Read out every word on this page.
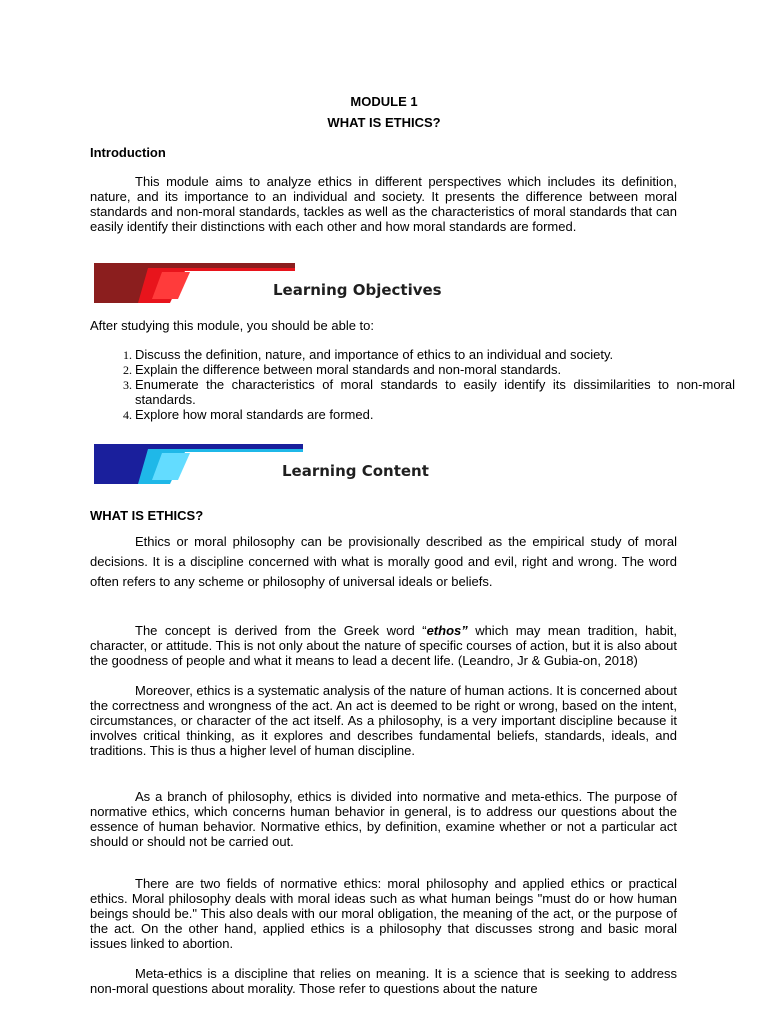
MODULE 1
WHAT IS ETHICS?
Introduction

This module aims to analyze ethics in different perspectives which includes its definition, nature, and its importance to an individual and society. It presents the difference between moral standards and non-moral standards, tackles as well as the characteristics of moral standards that can easily identify their distinctions with each other and how moral standards are formed.

Learning Objectives
After studying this module, you should be able to:
1. Discuss the definition, nature, and importance of ethics to an individual and society.
2. Explain the difference between moral standards and non-moral standards.
3. Enumerate the characteristics of moral standards to easily identify its dissimilarities to non-moral standards.
4. Explore how moral standards are formed.
Learning Content
WHAT IS ETHICS?

Ethics or moral philosophy can be provisionally described as the empirical study of moral decisions. It is a discipline concerned with what is morally good and evil, right and wrong. The word often refers to any scheme or philosophy of universal ideals or beliefs.

The concept is derived from the Greek word “ethos” which may mean tradition, habit, character, or attitude. This is not only about the nature of specific courses of action, but it is also about the goodness of people and what it means to lead a decent life. (Leandro, Jr & Gubia-on, 2018)

Moreover, ethics is a systematic analysis of the nature of human actions. It is concerned about the correctness and wrongness of the act. An act is deemed to be right or wrong, based on the intent, circumstances, or character of the act itself. As a philosophy, is a very important discipline because it involves critical thinking, as it explores and describes fundamental beliefs, standards, ideals, and traditions. This is thus a higher level of human discipline.

As a branch of philosophy, ethics is divided into normative and meta-ethics. The purpose of normative ethics, which concerns human behavior in general, is to address our questions about the essence of human behavior. Normative ethics, by definition, examine whether or not a particular act should or should not be carried out.

There are two fields of normative ethics: moral philosophy and applied ethics or practical ethics. Moral philosophy deals with moral ideas such as what human beings "must do or how human beings should be." This also deals with our moral obligation, the meaning of the act, or the purpose of the act. On the other hand, applied ethics is a philosophy that discusses strong and basic moral issues linked to abortion.

Meta-ethics is a discipline that relies on meaning. It is a science that is seeking to address non-moral questions about morality. Those refer to questions about the nature
